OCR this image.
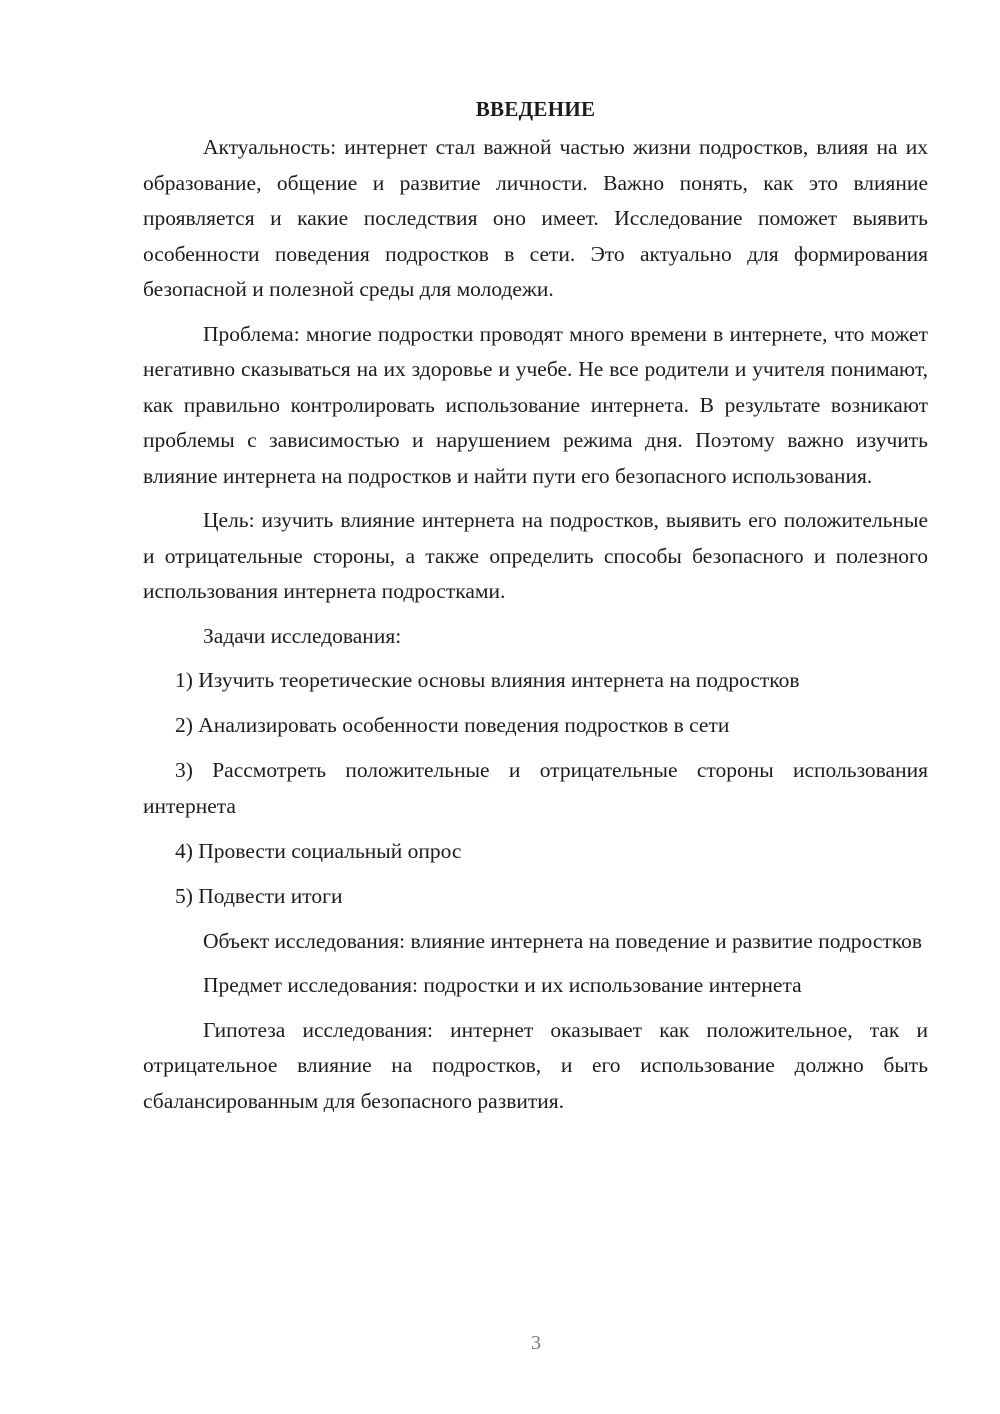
ВВЕДЕНИЕ

Актуальность: интернет стал важной частью жизни подростков, влияя на их образование, общение и развитие личности. Важно понять, как это влияние проявляется и какие последствия оно имеет. Исследование поможет выявить особенности поведения подростков в сети. Это актуально для формирования безопасной и полезной среды для молодежи.

Проблема: многие подростки проводят много времени в интернете, что может негативно сказываться на их здоровье и учебе. Не все родители и учителя понимают, как правильно контролировать использование интернета. В результате возникают проблемы с зависимостью и нарушением режима дня. Поэтому важно изучить влияние интернета на подростков и найти пути его безопасного использования.

Цель: изучить влияние интернета на подростков, выявить его положительные и отрицательные стороны, а также определить способы безопасного и полезного использования интернета подростками.

Задачи исследования:

1) Изучить теоретические основы влияния интернета на подростков

2) Анализировать особенности поведения подростков в сети

3) Рассмотреть положительные и отрицательные стороны использования интернета

4) Провести социальный опрос

5) Подвести итоги

Объект исследования: влияние интернета на поведение и развитие подростков

Предмет исследования: подростки и их использование интернета

Гипотеза исследования: интернет оказывает как положительное, так и отрицательное влияние на подростков, и его использование должно быть сбалансированным для безопасного развития.

3
